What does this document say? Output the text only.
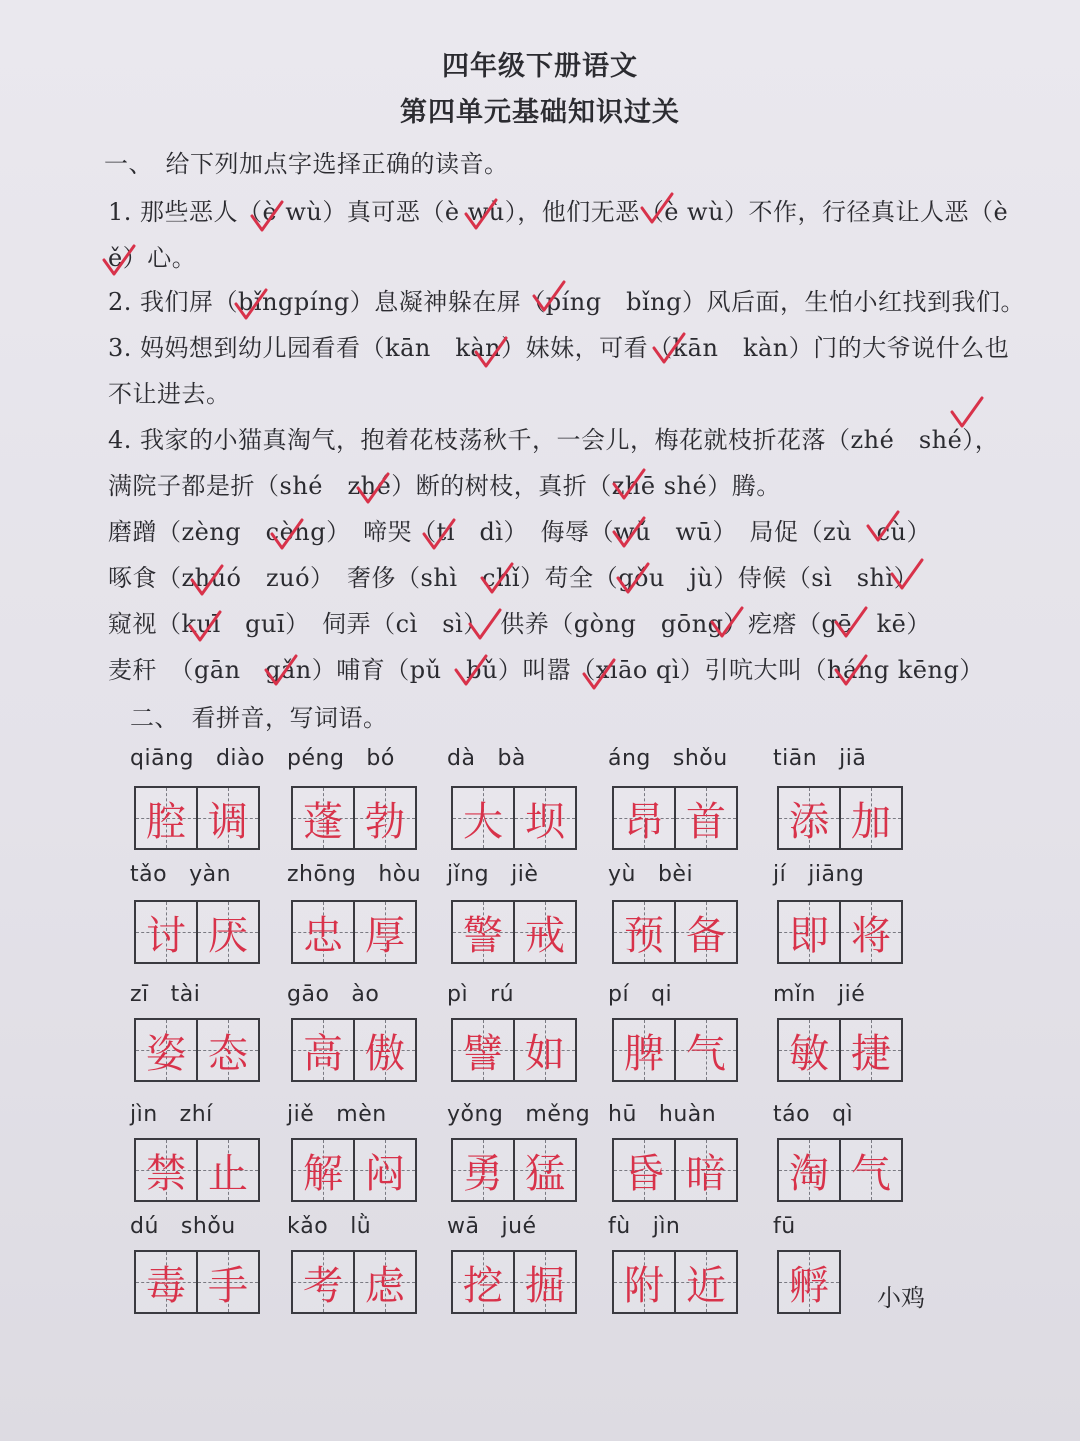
四年级下册语文
第四单元基础知识过关
一、　给下列加点字选择正确的读音。
1. 那些恶人（è wù）真可恶（è wù），他们无恶（è wù）不作，行径真让人恶（è
ě）心。
2. 我们屏（bǐngpíng）息凝神躲在屏（píng　bǐng）风后面，生怕小红找到我们。
3. 妈妈想到幼儿园看看（kān　kàn）妹妹，可看（kān　kàn）门的大爷说什么也
不让进去。
4. 我家的小猫真淘气，抱着花枝荡秋千，一会儿，梅花就枝折花落（zhé　shé），
满院子都是折（shé　zhé）断的树枝，真折（zhē shé）腾。
磨蹭（zèng　cèng）　啼哭（tí　dì）　侮辱（wǔ　wū）　局促（zù　cù）
啄食（zhuó　zuó）　奢侈（shì　chǐ）苟全（gǒu　jù）侍候（sì　shì）
窥视（kuī　guī）　伺弄（cì　sì）　供养（gòng　gōng）疙瘩（gē　kē）
麦秆　（gān　gǎn）哺育（pǔ　bǔ）叫嚣（xiāo qì）引吭大叫（háng kēng）
二、　看拼音，写词语。
qiāng diào
腔 调
péng bó
蓬 勃
dà bà
大 坝
áng shǒu
昂 首
tiān jiā
添 加
tǎo yàn
讨 厌
zhōng hòu
忠 厚
jǐng jiè
警 戒
yù bèi
预 备
jí jiāng
即 将
zī tài
姿 态
gāo ào
高 傲
pì rú
譬 如
pí qi
脾 气
mǐn jié
敏 捷
jìn zhí
禁 止
jiě mèn
解 闷
yǒng měng
勇 猛
hū huàn
昏 暗
táo qì
淘 气
dú shǒu
毒 手
kǎo lǜ
考 虑
wā jué
挖 掘
fù jìn
附 近
fū
孵 小鸡
